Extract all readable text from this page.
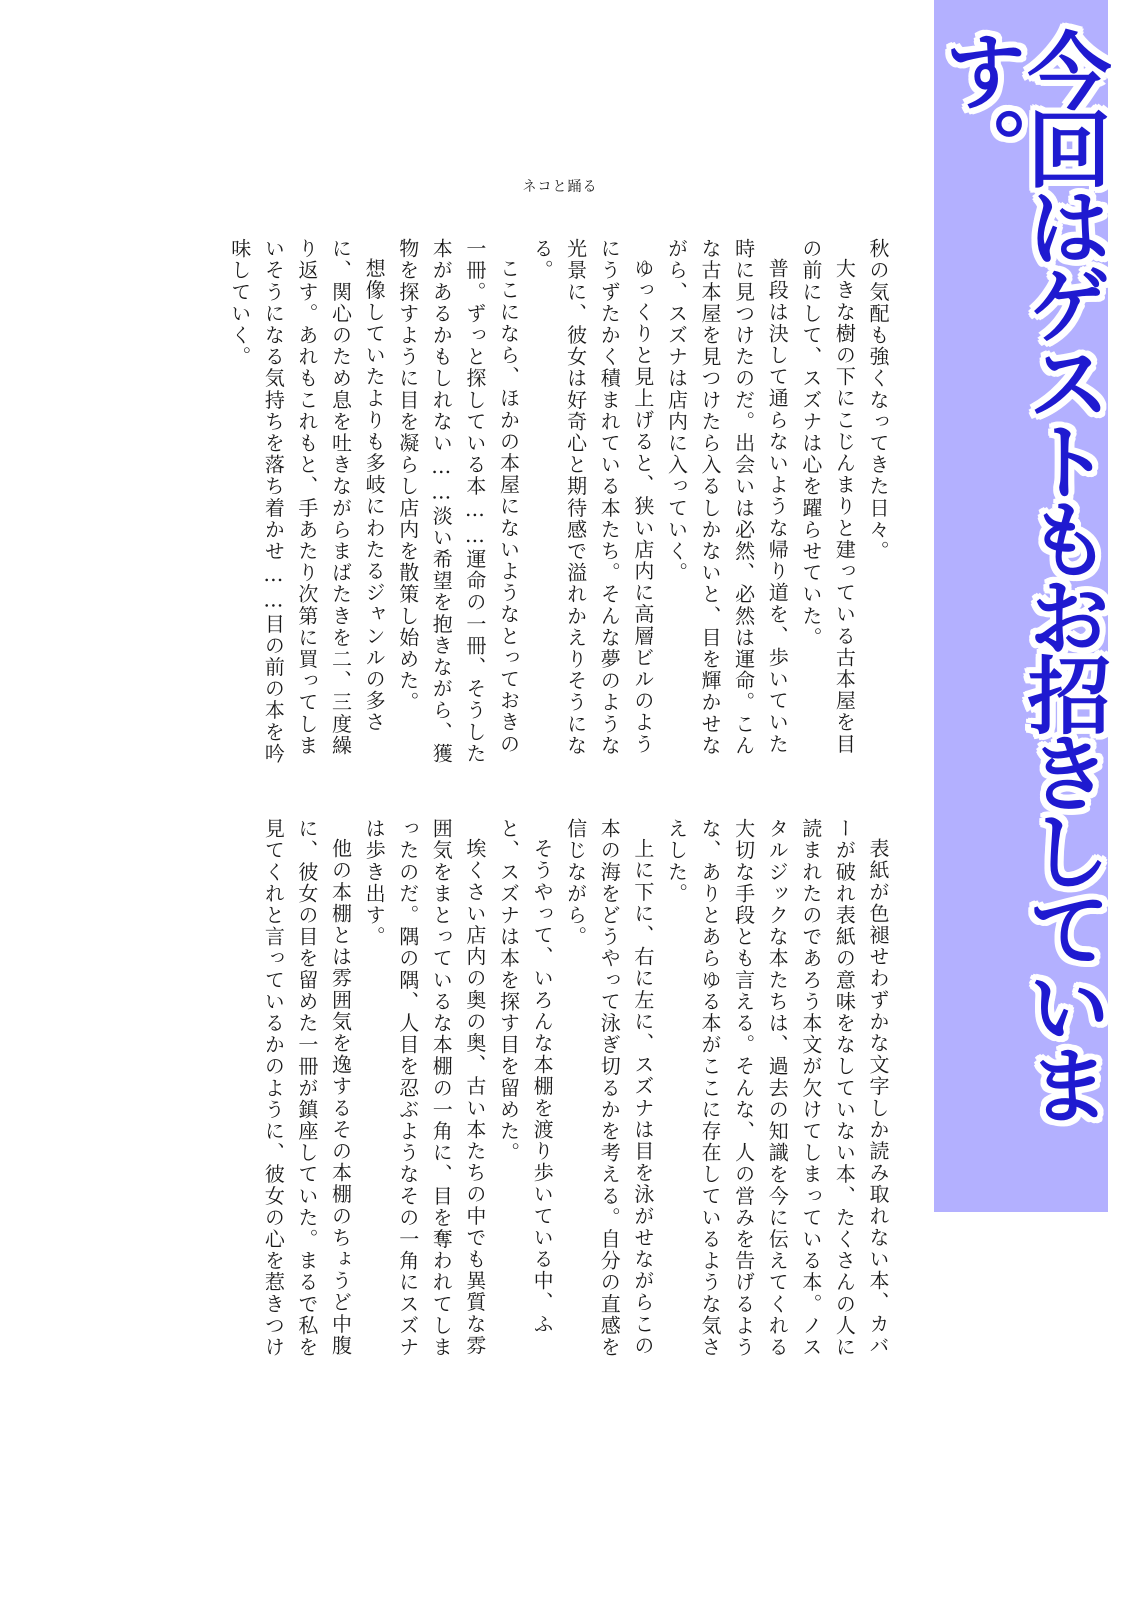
ネコと踊る

秋の気配も強くなってきた日々。

大きな樹の下にこじんまりと建っている古本屋を目の前にして、スズナは心を躍らせていた。

普段は決して通らないような帰り道を、歩いていた時に見つけたのだ。出会いは必然、必然は運命。こんな古本屋を見つけたら入るしかないと、目を輝かせながら、スズナは店内に入っていく。

ゆっくりと見上げると、狭い店内に高層ビルのようにうずたかく積まれている本たち。そんな夢のような光景に、彼女は好奇心と期待感で溢れかえりそうになる。

ここになら、ほかの本屋にないようなとっておきの一冊。ずっと探している本……運命の一冊、そうした本があるかもしれない……淡い希望を抱きながら、獲物を探すように目を凝らし店内を散策し始めた。

想像していたよりも多岐にわたるジャンルの多さに、関心のため息を吐きながらまばたきを二、三度繰り返す。あれもこれもと、手あたり次第に買ってしまいそうになる気持ちを落ち着かせ……目の前の本を吟味していく。

表紙が色褪せわずかな文字しか読み取れない本、カバーが破れ表紙の意味をなしていない本、たくさんの人に読まれたのであろう本文が欠けてしまっている本。ノスタルジックな本たちは、過去の知識を今に伝えてくれる大切な手段とも言える。そんな、人の営みを告げるような、ありとあらゆる本がここに存在しているような気さえした。

上に下に、右に左に、スズナは目を泳がせながらこの本の海をどうやって泳ぎ切るかを考える。自分の直感を信じながら。

そうやって、いろんな本棚を渡り歩いている中、ふと、スズナは本を探す目を留めた。

埃くさい店内の奥の奥、古い本たちの中でも異質な雰囲気をまとっているな本棚の一角に、目を奪われてしまったのだ。隅の隅、人目を忍ぶようなその一角にスズナは歩き出す。

他の本棚とは雰囲気を逸するその本棚のちょうど中腹に、彼女の目を留めた一冊が鎮座していた。まるで私を見てくれと言っているかのように、彼女の心を惹きつけ	今回はゲストもお招きしています。
